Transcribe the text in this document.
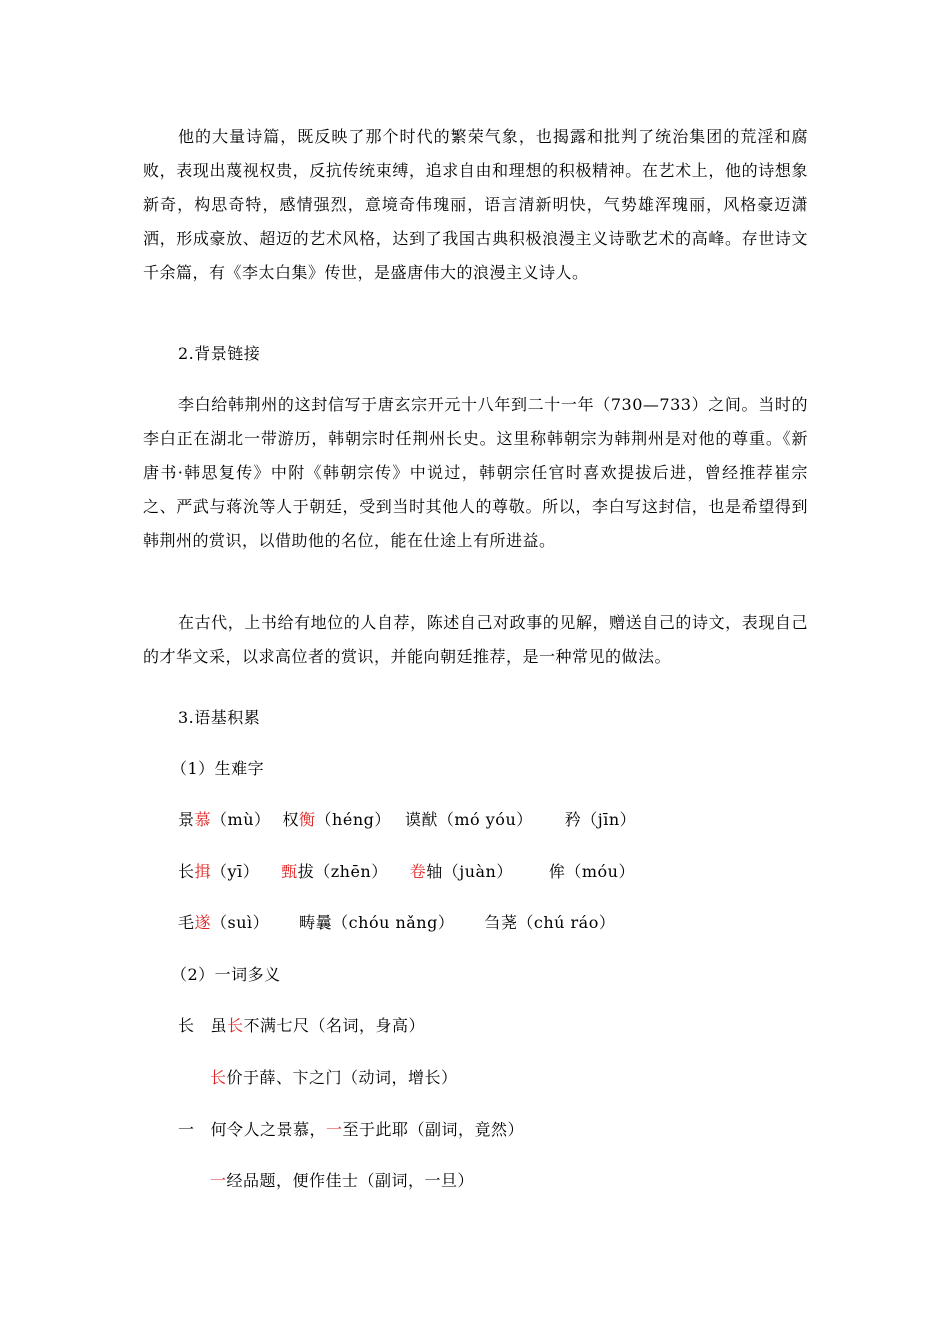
他的大量诗篇，既反映了那个时代的繁荣气象，也揭露和批判了统治集团的荒淫和腐败，表现出蔑视权贵，反抗传统束缚，追求自由和理想的积极精神。在艺术上，他的诗想象新奇，构思奇特，感情强烈，意境奇伟瑰丽，语言清新明快，气势雄浑瑰丽，风格豪迈潇洒，形成豪放、超迈的艺术风格，达到了我国古典积极浪漫主义诗歌艺术的高峰。存世诗文千余篇，有《李太白集》传世，是盛唐伟大的浪漫主义诗人。

2.背景链接

李白给韩荆州的这封信写于唐玄宗开元十八年到二十一年（730—733）之间。当时的李白正在湖北一带游历，韩朝宗时任荆州长史。这里称韩朝宗为韩荆州是对他的尊重。《新唐书·韩思复传》中附《韩朝宗传》中说过，韩朝宗任官时喜欢提拔后进，曾经推荐崔宗之、严武与蒋沇等人于朝廷，受到当时其他人的尊敬。所以，李白写这封信，也是希望得到韩荆州的赏识，以借助他的名位，能在仕途上有所进益。

在古代，上书给有地位的人自荐，陈述自己对政事的见解，赠送自己的诗文，表现自己的才华文采，以求高位者的赏识，并能向朝廷推荐，是一种常见的做法。

3.语基积累

（1）生难字

景慕（mù） 权衡（héng） 谟猷（mó yóu） 矜（jīn）

长揖（yī） 甄拔（zhēn） 卷轴（juàn） 侔（móu）

毛遂（suì） 畴曩（chóu nǎng） 刍荛（chú ráo）

（2）一词多义

长 虽长不满七尺（名词，身高）

长价于薛、卞之门（动词，增长）

一 何令人之景慕，一至于此耶（副词，竟然）

一经品题，便作佳士（副词，一旦）
